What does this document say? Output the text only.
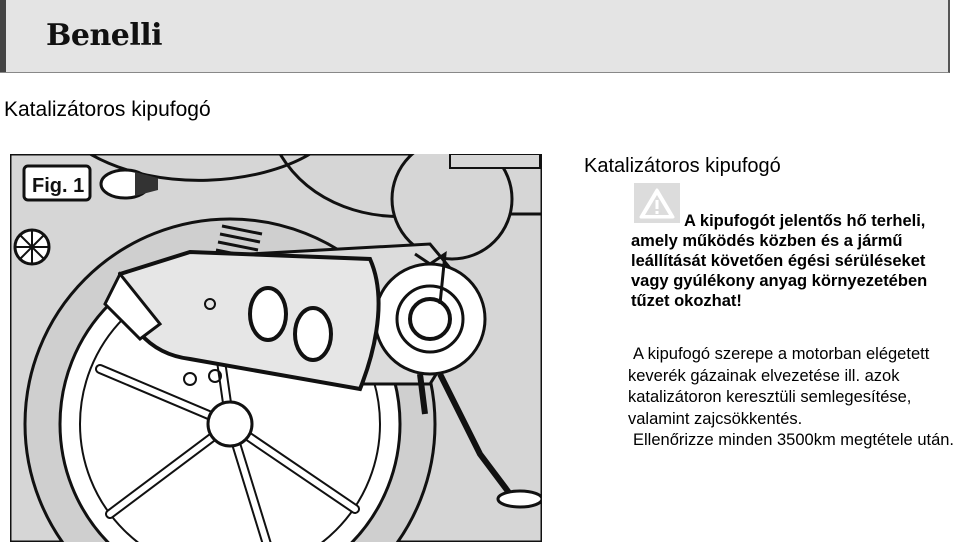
Benelli
Katalizátoros kipufogó
Fig. 1
Katalizátoros kipufogó
A kipufogót jelentős hő terheli, amely működés közben és a jármű leállítását követően égési sérüléseket vagy gyúlékony anyag környezetében tűzet okozhat!

A kipufogó szerepe a motorban elégetett keverék gázainak elvezetése ill. azok katalizátoron keresztüli semlegesítése, valamint zajcsökkentés.

Ellenőrizze minden 3500km megtétele után.
